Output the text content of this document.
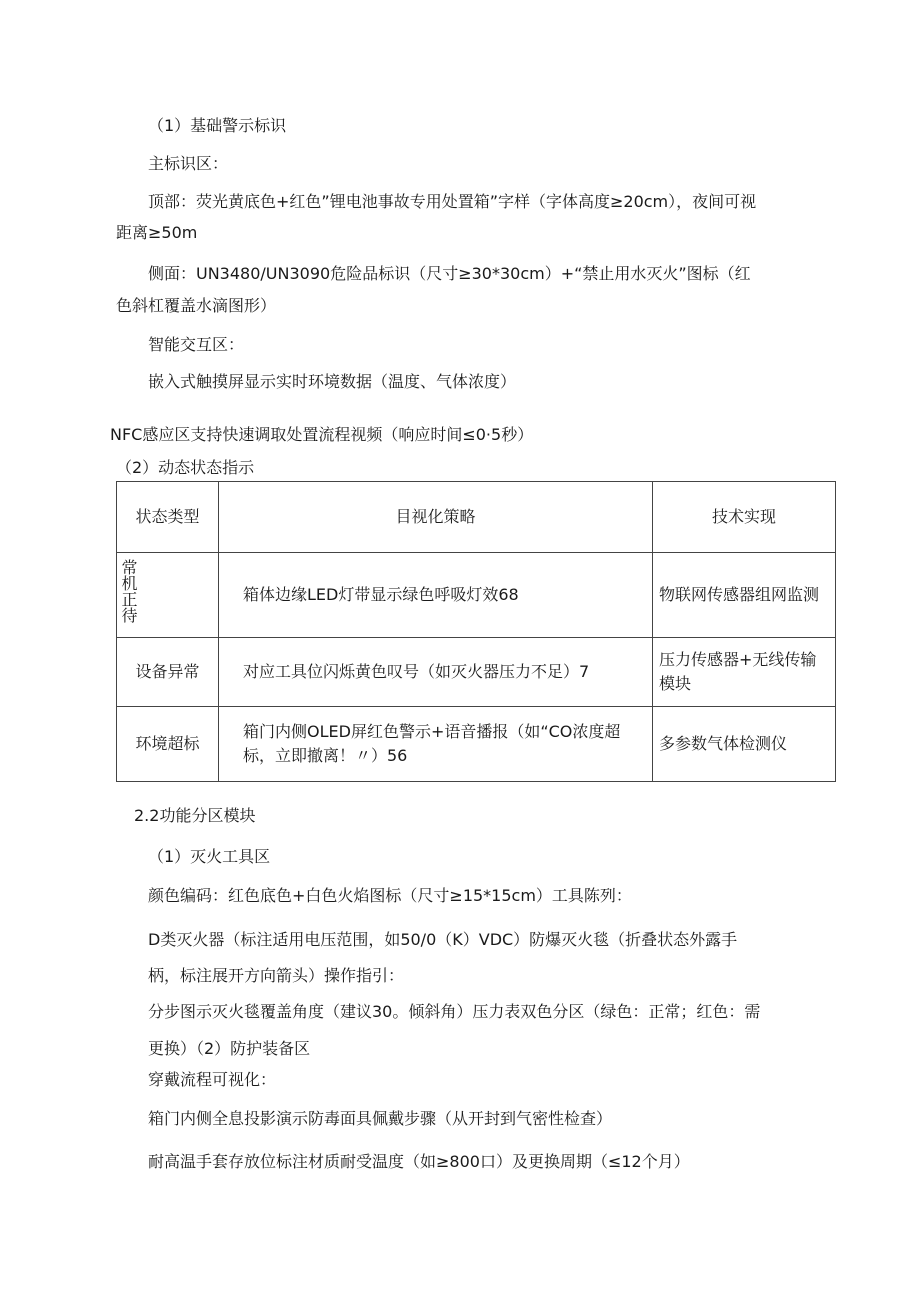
（1）基础警示标识
主标识区：
顶部：荧光黄底色+红色”锂电池事故专用处置箱”字样（字体高度≥20cm），夜间可视
距离≥50m
侧面：UN3480/UN3090危险品标识（尺寸≥30*30cm）+“禁止用水灭火”图标（红
色斜杠覆盖水滴图形）
智能交互区：
嵌入式触摸屏显示实时环境数据（温度、气体浓度）
NFC感应区支持快速调取处置流程视频（响应时间≤0·5秒）
（2）动态状态指示
状态类型	目视化策略	技术实现

常机正待	箱体边缘LED灯带显示绿色呼吸灯效68	物联网传感器组网监测
设备异常	对应工具位闪烁黄色叹号（如灭火器压力不足）7	压力传感器+无线传输模块
环境超标	箱门内侧OLED屏红色警示+语音播报（如“CO浓度超标，立即撤离！〃）56	多参数气体检测仪
2.2功能分区模块
（1）灭火工具区
颜色编码：红色底色+白色火焰图标（尺寸≥15*15cm）工具陈列：
D类灭火器（标注适用电压范围，如50/0（K）VDC）防爆灭火毯（折叠状态外露手
柄，标注展开方向箭头）操作指引：
分步图示灭火毯覆盖角度（建议30。倾斜角）压力表双色分区（绿色：正常；红色：需
更换）（2）防护装备区
穿戴流程可视化：
箱门内侧全息投影演示防毒面具佩戴步骤（从开封到气密性检查）
耐高温手套存放位标注材质耐受温度（如≥800口）及更换周期（≤12个月）
